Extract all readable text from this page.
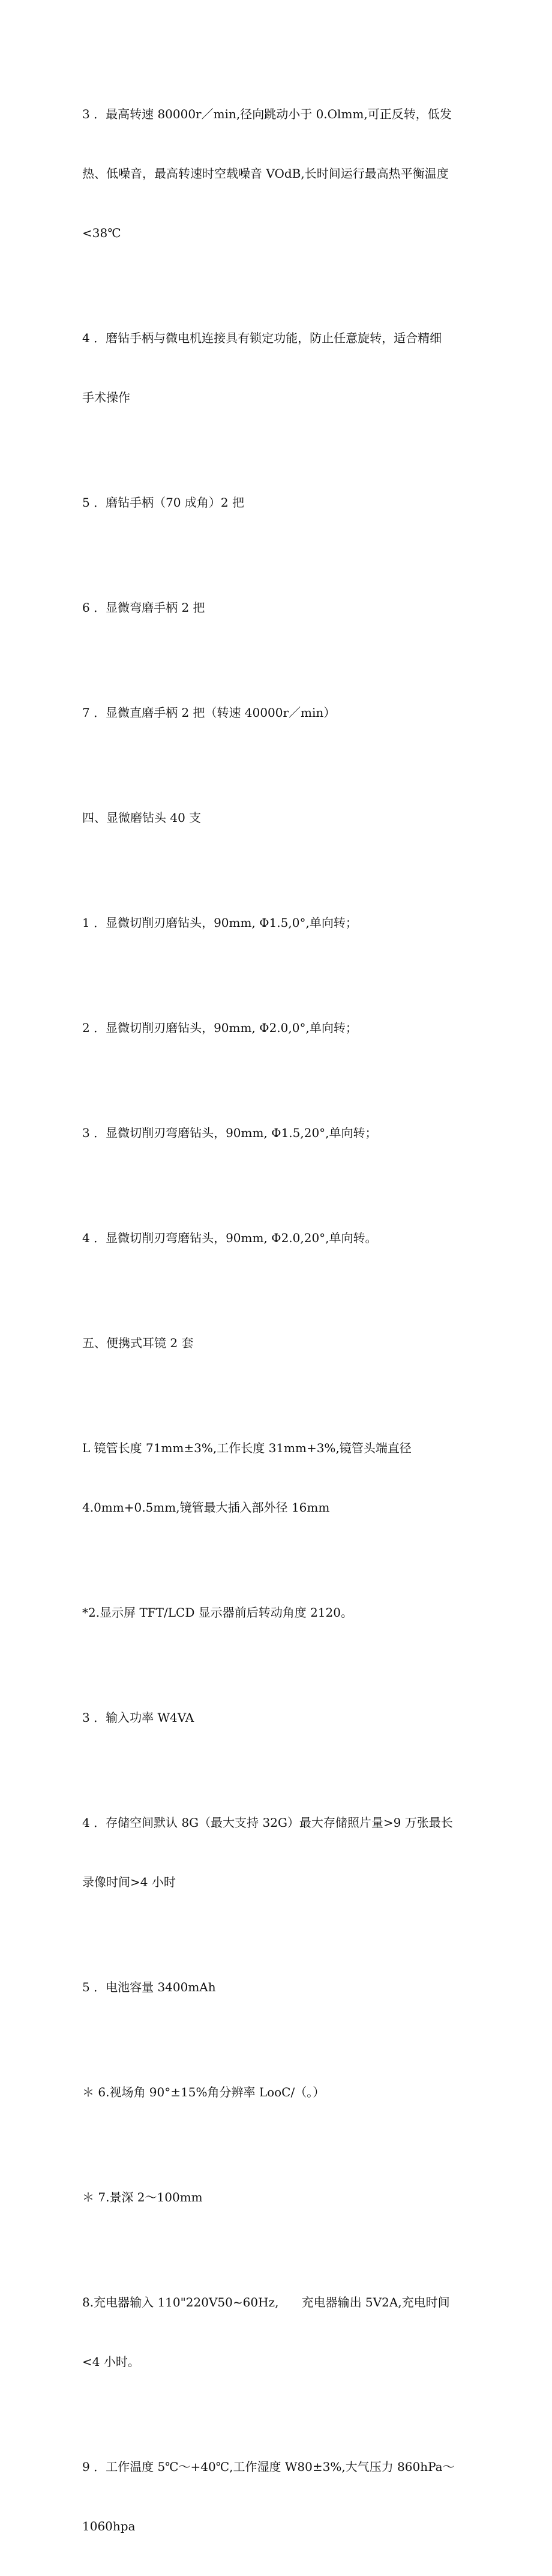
3 ．最高转速 80000r／min,径向跳动小于 0.Olmm,可正反转，低发

热、低噪音，最高转速时空载噪音 VOdB,长时间运行最高热平衡温度

<38℃

4 ．磨钻手柄与微电机连接具有锁定功能，防止任意旋转，适合精细

手术操作

5 ．磨钻手柄（70 成角）2 把

6 ．显微弯磨手柄 2 把

7 ．显微直磨手柄 2 把（转速 40000r／min）

四、显微磨钻头 40 支

1 ．显微切削刃磨钻头，90mm, Φ1.5,0°,单向转；

2 ．显微切削刃磨钻头，90mm, Φ2.0,0°,单向转；

3 ．显微切削刃弯磨钻头，90mm, Φ1.5,20°,单向转；

4 ．显微切削刃弯磨钻头，90mm, Φ2.0,20°,单向转。

五、便携式耳镜 2 套

L 镜管长度 71mm±3%,工作长度 31mm+3%,镜管头端直径

4.0mm+0.5mm,镜管最大插入部外径 16mm

*2.显示屏 TFT/LCD 显示器前后转动角度 2120。

3 ．输入功率 W4VA

4 ．存储空间默认 8G（最大支持 32G）最大存储照片量>9 万张最长

录像时间>4 小时

5 ．电池容量 3400mAh

＊ 6.视场角 90°±15%角分辨率 LooC/（。）

＊ 7.景深 2～100mm

8.充电器输入 110"220V50~60Hz,      充电器输出 5V2A,充电时间

<4 小时。

9 ．工作温度 5℃～+40℃,工作湿度 W80±3%,大气压力 860hPa～

1060hpa
